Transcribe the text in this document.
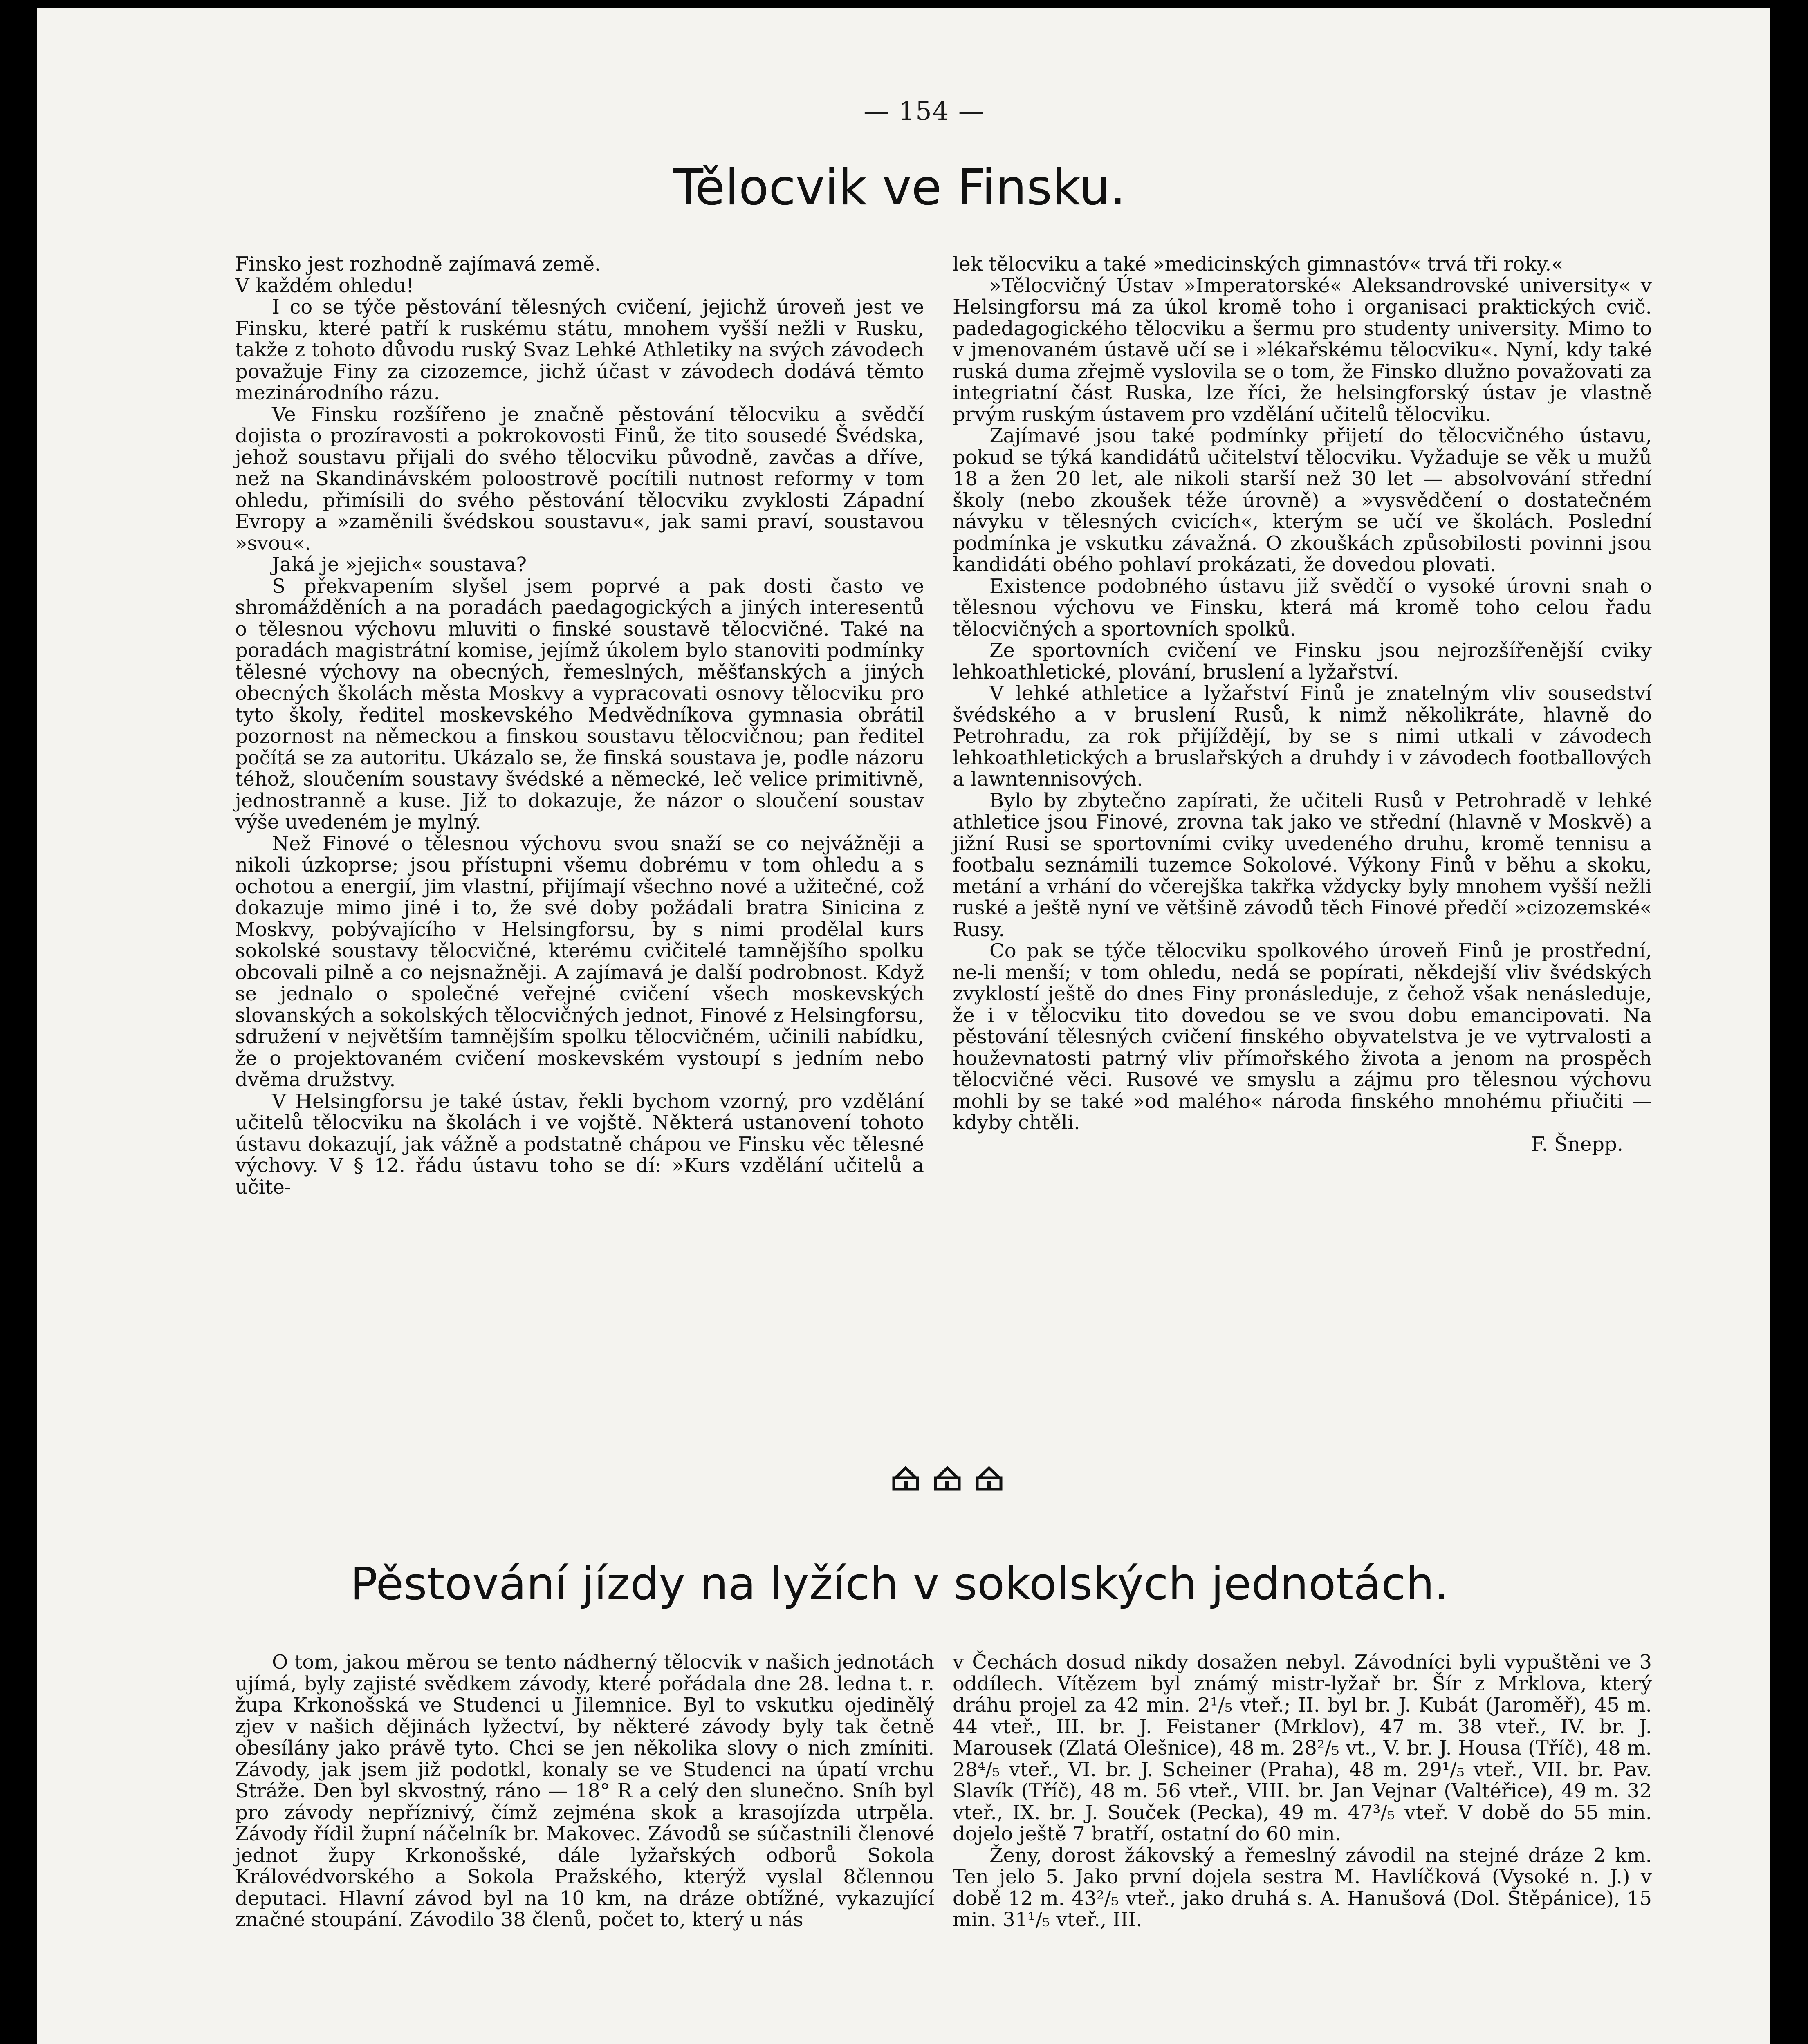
— 154 —
Tělocvik ve Finsku.

Finsko jest rozhodně zajímavá země.

V každém ohledu!

I co se týče pěstování tělesných cvičení, jejichž úroveň jest ve Finsku, které patří k ruskému státu, mnohem vyšší nežli v Rusku, takže z tohoto důvodu ruský Svaz Lehké Athletiky na svých závodech považuje Finy za cizozemce, jichž účast v závodech dodává těmto mezinárodního rázu.

Ve Finsku rozšířeno je značně pěstování tělocviku a svědčí dojista o prozíravosti a pokrokovosti Finů, že tito sousedé Švédska, jehož soustavu přijali do svého tělocviku původně, zavčas a dříve, než na Skandinávském poloostrově pocítili nutnost reformy v tom ohledu, přimísili do svého pěstování tělocviku zvyklosti Západní Evropy a »zaměnili švédskou soustavu«, jak sami praví, soustavou »svou«.

Jaká je »jejich« soustava?

S překvapením slyšel jsem poprvé a pak dosti často ve shromážděních a na poradách paedagogických a jiných interesentů o tělesnou výchovu mluviti o finské soustavě tělocvičné. Také na poradách magistrátní komise, jejímž úkolem bylo stanoviti podmínky tělesné výchovy na obecných, řemeslných, měšťanských a jiných obecných školách města Moskvy a vypracovati osnovy tělocviku pro tyto školy, ředitel moskevského Medvědníkova gymnasia obrátil pozornost na německou a finskou soustavu tělocvičnou; pan ředitel počítá se za autoritu. Ukázalo se, že finská soustava je, podle názoru téhož, sloučením soustavy švédské a německé, leč velice primitivně, jednostranně a kuse. Již to dokazuje, že názor o sloučení soustav výše uvedeném je mylný.

Než Finové o tělesnou výchovu svou snaží se co nejvážněji a nikoli úzkoprse; jsou přístupni všemu dobrému v tom ohledu a s ochotou a energií, jim vlastní, přijímají všechno nové a užitečné, což dokazuje mimo jiné i to, že své doby požádali bratra Sinicina z Moskvy, pobývajícího v Helsingforsu, by s nimi prodělal kurs sokolské soustavy tělocvičné, kterému cvičitelé tamnějšího spolku obcovali pilně a co nejsnažněji. A zajímavá je další podrobnost. Když se jednalo o společné veřejné cvičení všech moskevských slovanských a sokolských tělocvičných jednot, Finové z Helsingforsu, sdružení v největším tamnějším spolku tělocvičném, učinili nabídku, že o projektovaném cvičení moskevském vystoupí s jedním nebo dvěma družstvy.

V Helsingforsu je také ústav, řekli bychom vzorný, pro vzdělání učitelů tělocviku na školách i ve vojště. Některá ustanovení tohoto ústavu dokazují, jak vážně a podstatně chápou ve Finsku věc tělesné výchovy. V § 12. řádu ústavu toho se dí: »Kurs vzdělání učitelů a učite-

lek tělocviku a také »medicinských gimnastóv« trvá tři roky.«

»Tělocvičný Ústav »Imperatorské« Aleksandrovské university« v Helsingforsu má za úkol kromě toho i organisaci praktických cvič. padedagogického tělocviku a šermu pro studenty university. Mimo to v jmenovaném ústavě učí se i »lékařskému tělocviku«. Nyní, kdy také ruská duma zřejmě vyslovila se o tom, že Finsko dlužno považovati za integriatní část Ruska, lze říci, že helsingforský ústav je vlastně prvým ruským ústavem pro vzdělání učitelů tělocviku.

Zajímavé jsou také podmínky přijetí do tělocvičného ústavu, pokud se týká kandidátů učitelství tělocviku. Vyžaduje se věk u mužů 18 a žen 20 let, ale nikoli starší než 30 let — absolvování střední školy (nebo zkoušek téže úrovně) a »vysvědčení o dostatečném návyku v tělesných cvicích«, kterým se učí ve školách. Poslední podmínka je vskutku závažná. O zkouškách způsobilosti povinni jsou kandidáti obého pohlaví prokázati, že dovedou plovati.

Existence podobného ústavu již svědčí o vysoké úrovni snah o tělesnou výchovu ve Finsku, která má kromě toho celou řadu tělocvičných a sportovních spolků.

Ze sportovních cvičení ve Finsku jsou nejrozšířenější cviky lehkoathletické, plování, bruslení a lyžařství.

V lehké athletice a lyžařství Finů je znatelným vliv sousedství švédského a v bruslení Rusů, k nimž několikráte, hlavně do Petrohradu, za rok přijíždějí, by se s nimi utkali v závodech lehkoathletických a bruslařských a druhdy i v závodech footballových a lawntennisových.

Bylo by zbytečno zapírati, že učiteli Rusů v Petrohradě v lehké athletice jsou Finové, zrovna tak jako ve střední (hlavně v Moskvě) a jižní Rusi se sportovními cviky uvedeného druhu, kromě tennisu a footbalu seznámili tuzemce Sokolové. Výkony Finů v běhu a skoku, metání a vrhání do včerejška takřka vždycky byly mnohem vyšší nežli ruské a ještě nyní ve většině závodů těch Finové předčí »cizozemské« Rusy.

Co pak se týče tělocviku spolkového úroveň Finů je prostřední, ne-li menší; v tom ohledu, nedá se popírati, někdejší vliv švédských zvyklostí ještě do dnes Finy pronásleduje, z čehož však nenásleduje, že i v tělocviku tito dovedou se ve svou dobu emancipovati. Na pěstování tělesných cvičení finského obyvatelstva je ve vytrvalosti a houževnatosti patrný vliv přímořského života a jenom na prospěch tělocvičné věci. Rusové ve smyslu a zájmu pro tělesnou výchovu mohli by se také »od malého« národa finského mnohému přiučiti — kdyby chtěli.

F. Šnepp.

Pěstování jízdy na lyžích v sokolských jednotách.

O tom, jakou měrou se tento nádherný tělocvik v našich jednotách ujímá, byly zajisté svědkem závody, které pořádala dne 28. ledna t. r. župa Krkonošská ve Studenci u Jilemnice. Byl to vskutku ojedinělý zjev v našich dějinách lyžectví, by některé závody byly tak četně obesílány jako právě tyto. Chci se jen několika slovy o nich zmíniti. Závody, jak jsem již podotkl, konaly se ve Studenci na úpatí vrchu Stráže. Den byl skvostný, ráno — 18° R a celý den slunečno. Sníh byl pro závody nepříznivý, čímž zejména skok a krasojízda utrpěla. Závody řídil župní náčelník br. Makovec. Závodů se súčastnili členové jednot župy Krkonošské, dále lyžařských odborů Sokola Královédvorského a Sokola Pražského, kterýž vyslal 8člennou deputaci. Hlavní závod byl na 10 km, na dráze obtížné, vykazující značné stoupání. Závodilo 38 členů, počet to, který u nás

v Čechách dosud nikdy dosažen nebyl. Závodníci byli vypuštěni ve 3 oddílech. Vítězem byl známý mistr-lyžař br. Šír z Mrklova, který dráhu projel za 42 min. 2¹/₅ vteř.; II. byl br. J. Kubát (Jaroměř), 45 m. 44 vteř., III. br. J. Feistaner (Mrklov), 47 m. 38 vteř., IV. br. J. Marousek (Zlatá Olešnice), 48 m. 28²/₅ vt., V. br. J. Housa (Tříč), 48 m. 28⁴/₅ vteř., VI. br. J. Scheiner (Praha), 48 m. 29¹/₅ vteř., VII. br. Pav. Slavík (Tříč), 48 m. 56 vteř., VIII. br. Jan Vejnar (Valtéřice), 49 m. 32 vteř., IX. br. J. Souček (Pecka), 49 m. 47³/₅ vteř. V době do 55 min. dojelo ještě 7 bratří, ostatní do 60 min.

Ženy, dorost žákovský a řemeslný závodil na stejné dráze 2 km. Ten jelo 5. Jako první dojela sestra M. Havlíčková (Vysoké n. J.) v době 12 m. 43²/₅ vteř., jako druhá s. A. Hanušová (Dol. Štěpánice), 15 min. 31¹/₅ vteř., III.
